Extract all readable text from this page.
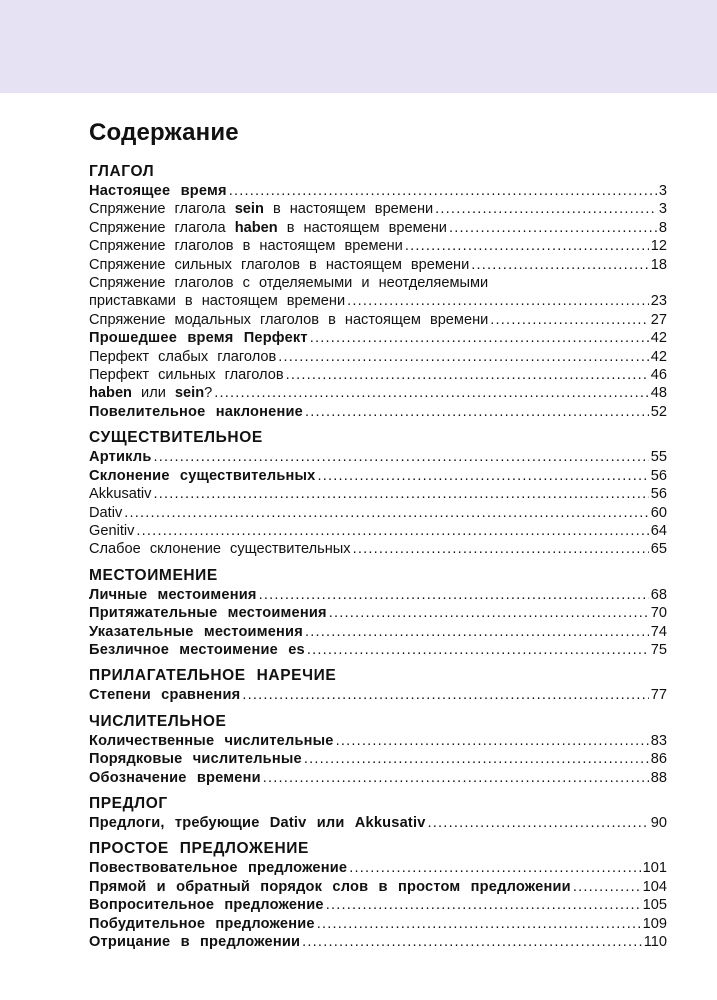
Содержание
ГЛАГОЛ
Настоящее время .....	3
Спряжение глагола sein в настоящем времени .....	3
Спряжение глагола haben в настоящем времени .....	8
Спряжение глаголов в настоящем времени .....	12
Спряжение сильных глаголов в настоящем времени .....	18
Спряжение глаголов с отделяемыми и неотделяемыми
приставками в настоящем времени .....	23
Спряжение модальных глаголов в настоящем времени .....	27
Прошедшее время Перфект .....	42
Перфект слабых глаголов .....	42
Перфект сильных глаголов .....	46
haben или sein? .....	48
Повелительное наклонение .....	52
СУЩЕСТВИТЕЛЬНОЕ
Артикль .....	55
Склонение существительных .....	56
Akkusativ .....	56
Dativ .....	60
Genitiv .....	64
Слабое склонение существительных .....	65
МЕСТОИМЕНИЕ
Личные местоимения .....	68
Притяжательные местоимения .....	70
Указательные местоимения .....	74
Безличное местоимение es .....	75
ПРИЛАГАТЕЛЬНОЕ НАРЕЧИЕ
Степени сравнения .....	77
ЧИСЛИТЕЛЬНОЕ
Количественные числительные .....	83
Порядковые числительные .....	86
Обозначение времени .....	88
ПРЕДЛОГ
Предлоги, требующие Dativ или Akkusativ .....	90
ПРОСТОЕ ПРЕДЛОЖЕНИЕ
Повествовательное предложение .....	101
Прямой и обратный порядок слов в простом предложении .....	104
Вопросительное предложение .....	105
Побудительное предложение .....	109
Отрицание в предложении .....	110
